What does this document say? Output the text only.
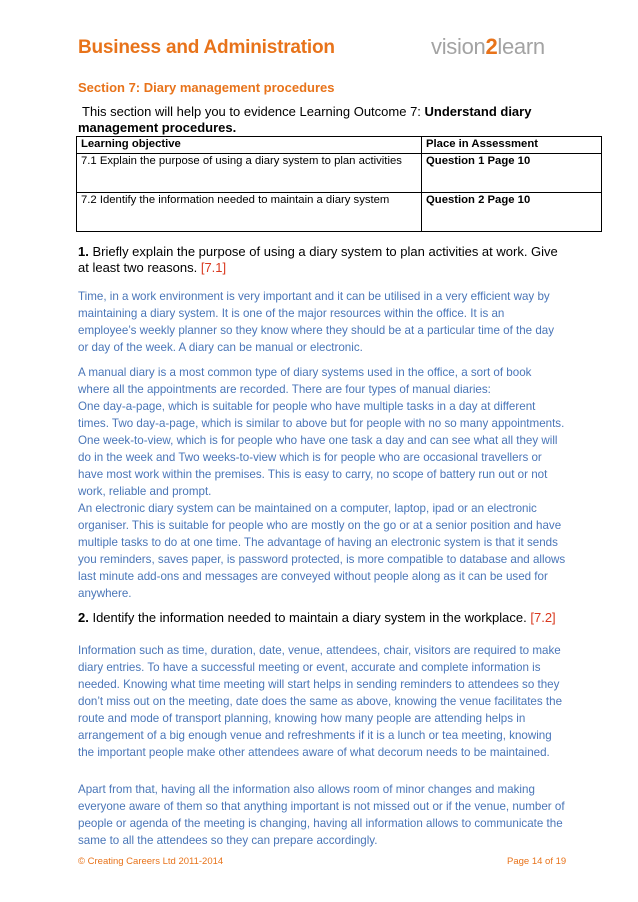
Business and Administration	vision2learn
Section 7: Diary management procedures
This section will help you to evidence Learning Outcome 7: Understand diary management procedures.
Learning objective	Place in Assessment
7.1 Explain the purpose of using a diary system to plan activities	Question 1 Page 10
7.2 Identify the information needed to maintain a diary system	Question 2 Page 10
1. Briefly explain the purpose of using a diary system to plan activities at work. Give at least two reasons. [7.1]
Time, in a work environment is very important and it can be utilised in a very efficient way by maintaining a diary system. It is one of the major resources within the office. It is an employee’s weekly planner so they know where they should be at a particular time of the day or day of the week. A diary can be manual or electronic.
A manual diary is a most common type of diary systems used in the office, a sort of book where all the appointments are recorded. There are four types of manual diaries:
One day-a-page, which is suitable for people who have multiple tasks in a day at different times. Two day-a-page, which is similar to above but for people with no so many appointments. One week-to-view, which is for people who have one task a day and can see what all they will do in the week and Two weeks-to-view which is for people who are occasional travellers or have most work within the premises. This is easy to carry, no scope of battery run out or not work, reliable and prompt.
An electronic diary system can be maintained on a computer, laptop, ipad or an electronic organiser. This is suitable for people who are mostly on the go or at a senior position and have multiple tasks to do at one time. The advantage of having an electronic system is that it sends you reminders, saves paper, is password protected, is more compatible to database and allows last minute add-ons and messages are conveyed without people along as it can be used for anywhere.
2. Identify the information needed to maintain a diary system in the workplace. [7.2]
Information such as time, duration, date, venue, attendees, chair, visitors are required to make diary entries. To have a successful meeting or event, accurate and complete information is needed. Knowing what time meeting will start helps in sending reminders to attendees so they don’t miss out on the meeting, date does the same as above, knowing the venue facilitates the route and mode of transport planning, knowing how many people are attending helps in arrangement of a big enough venue and refreshments if it is a lunch or tea meeting, knowing the important people make other attendees aware of what decorum needs to be maintained.
Apart from that, having all the information also allows room of minor changes and making everyone aware of them so that anything important is not missed out or if the venue, number of people or agenda of the meeting is changing, having all information allows to communicate the same to all the attendees so they can prepare accordingly.
© Creating Careers Ltd 2011-2014	Page 14 of 19
